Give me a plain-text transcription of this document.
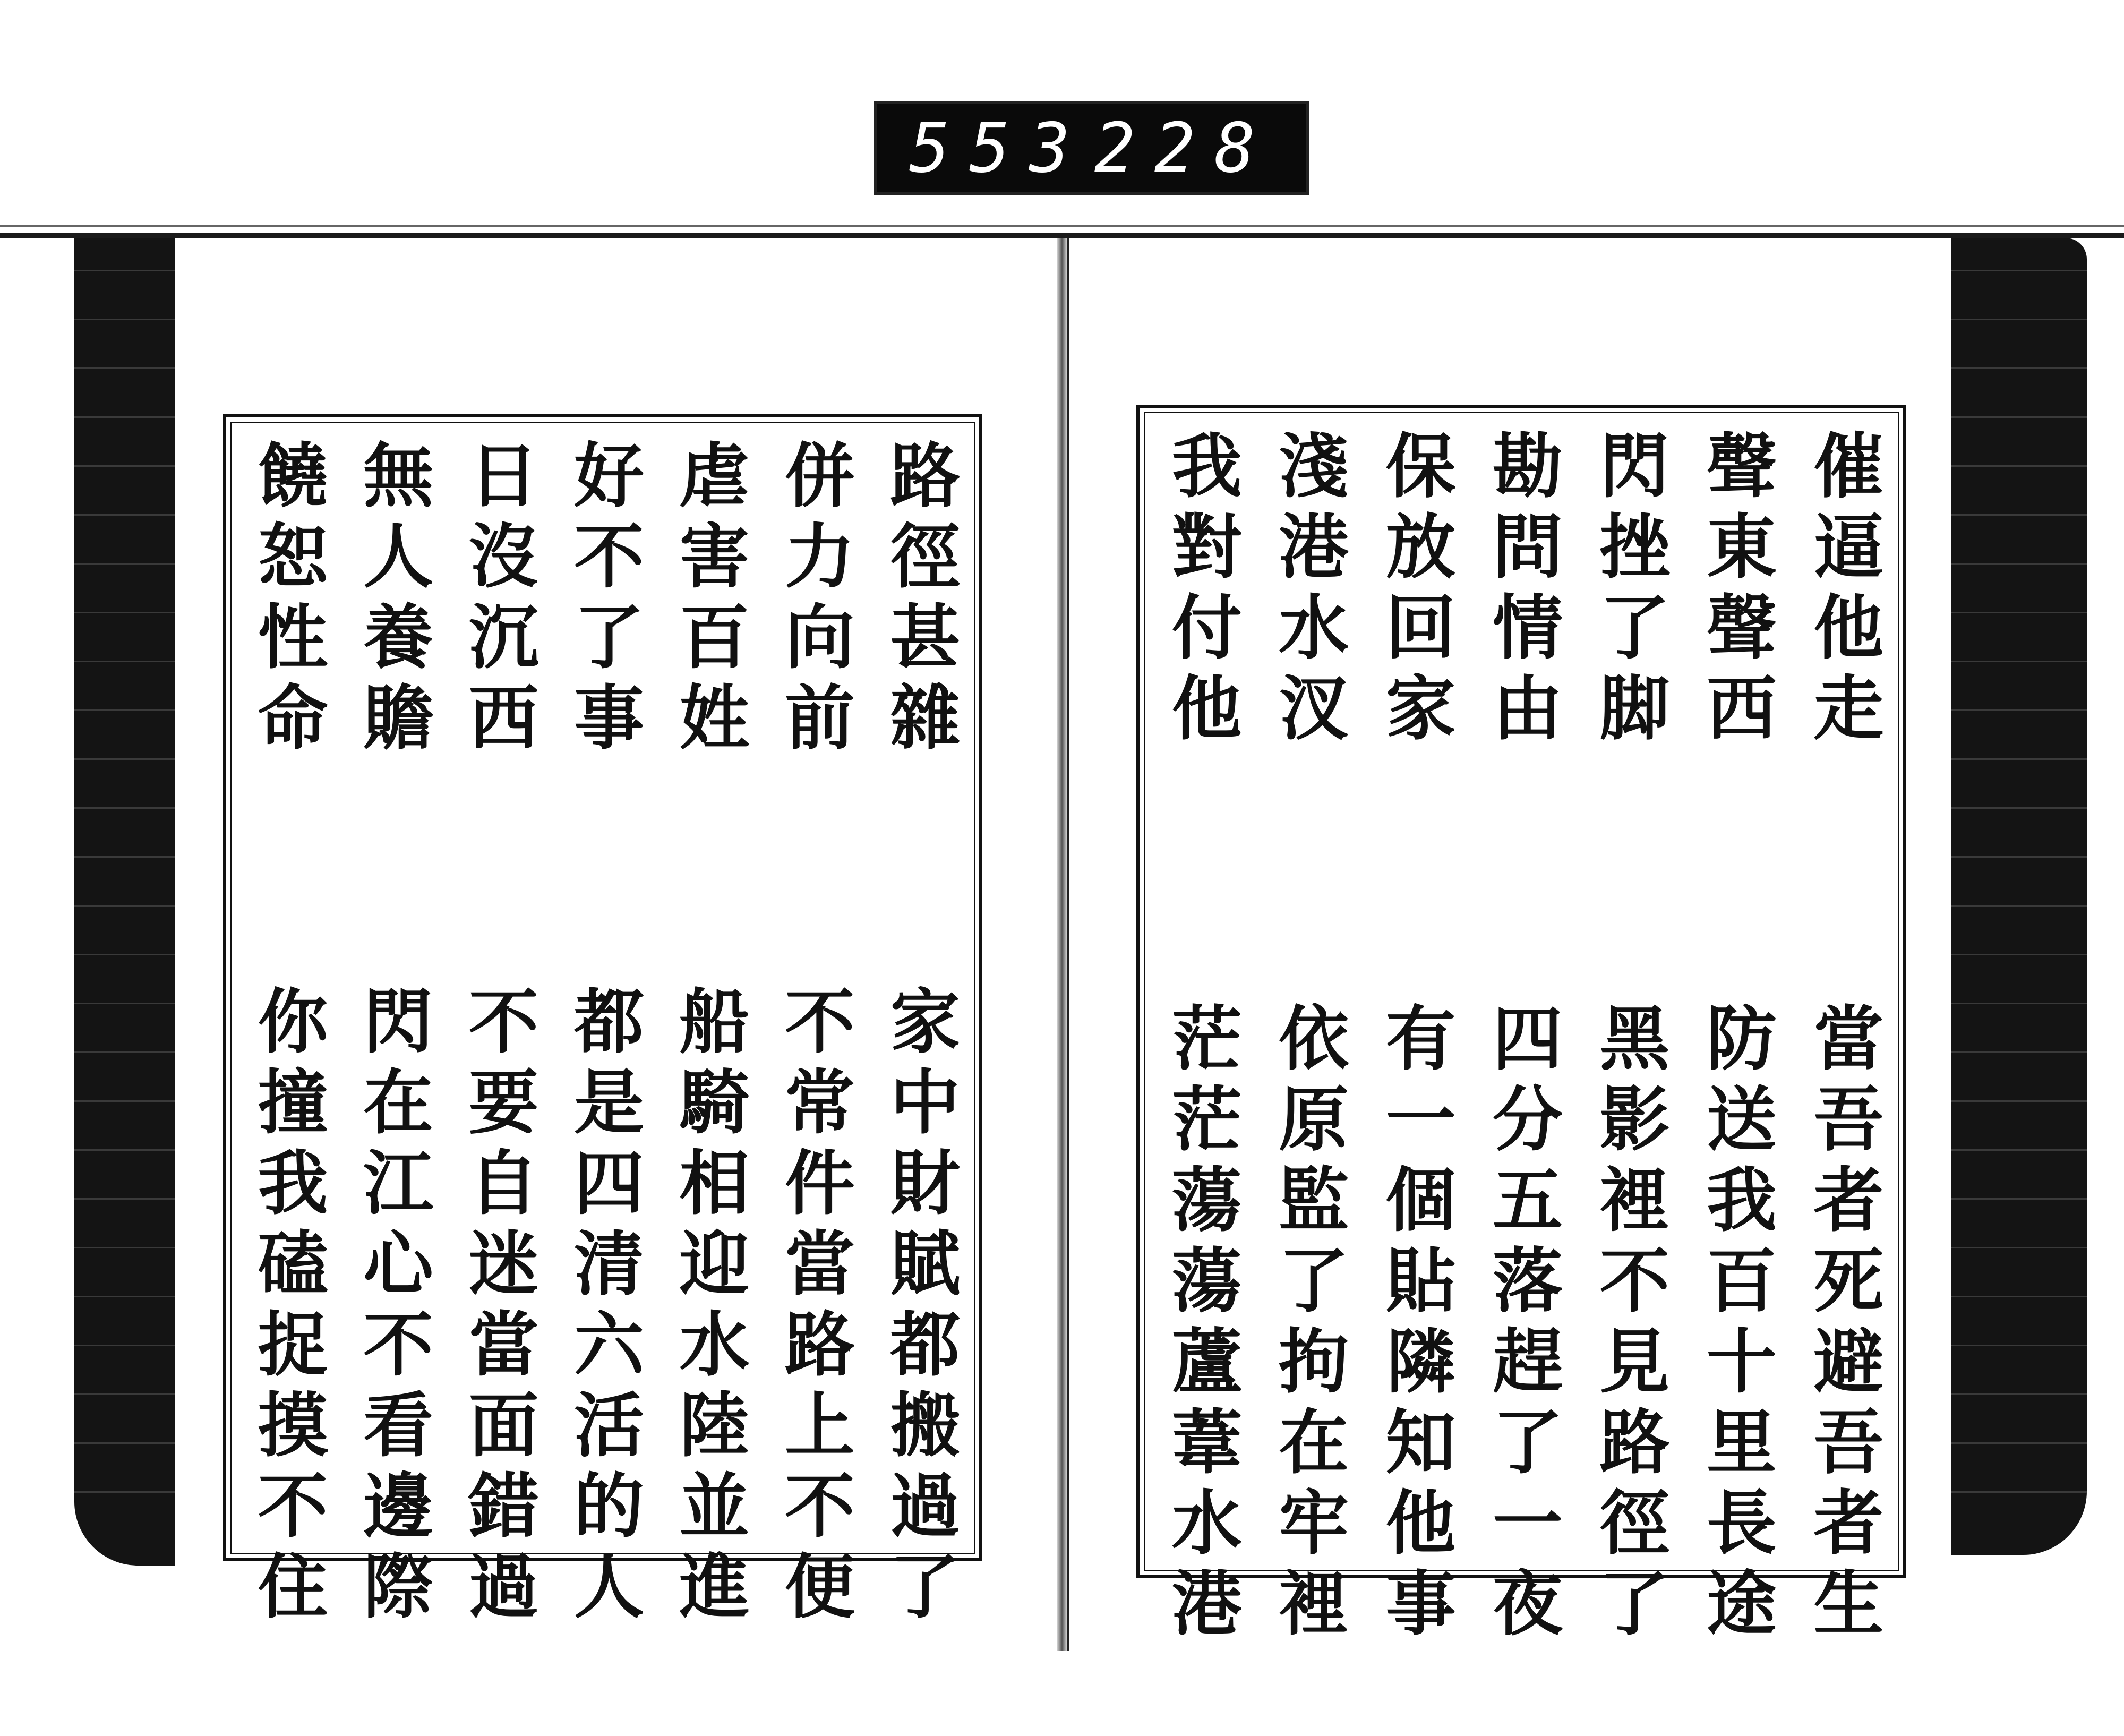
553 228
路徑甚雜
家中財賦都搬過了
併力向前
不常件當路上不便
虐害百姓
船騎相迎水陸並進
好不了事
都是四清六活的人
日沒沉西
不要自迷當面錯過
無人養贍
閃在江心不看邊際
饒恕性命
你撞我磕捉摸不住
催逼他走
當吾者死避吾者生
聲東聲西
防送我百十里長途
閃挫了脚
黑影裡不見路徑了
勘問情由
四分五落趕了一夜
保放回家
有一個貼隣知他事
淺港水汊
依原監了拘在牢裡
我對付他
茫茫蕩蕩蘆葦水港
